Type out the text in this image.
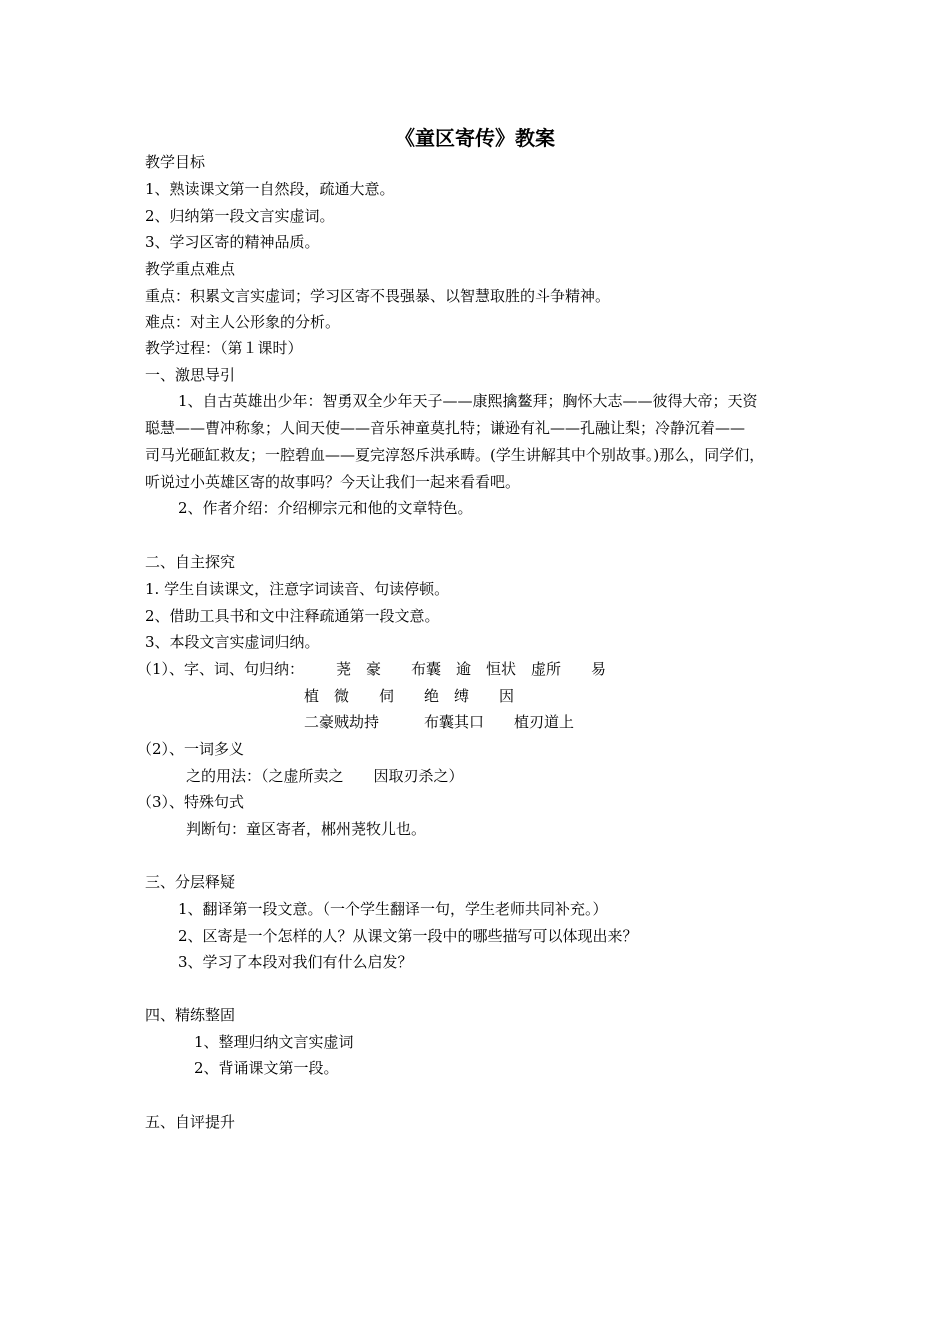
《童区寄传》教案
教学目标
1、熟读课文第一自然段，疏通大意。
2、归纳第一段文言实虚词。
3、学习区寄的精神品质。
教学重点难点
重点：积累文言实虚词；学习区寄不畏强暴、以智慧取胜的斗争精神。
难点：对主人公形象的分析。
教学过程：（第１课时）
一、激思导引
1、自古英雄出少年：智勇双全少年天子——康熙擒鳌拜；胸怀大志——彼得大帝；天资
聪慧——曹冲称象；人间天使——音乐神童莫扎特；谦逊有礼——孔融让梨；冷静沉着——
司马光砸缸救友；一腔碧血——夏完淳怒斥洪承畴。(学生讲解其中个别故事。)那么，同学们，
听说过小英雄区寄的故事吗？今天让我们一起来看看吧。
2、作者介绍：介绍柳宗元和他的文章特色。
二、自主探究
1. 学生自读课文，注意字词读音、句读停顿。
2、借助工具书和文中注释疏通第一段文意。
3、本段文言实虚词归纳。
（1）、字、词、句归纳： 荛　豪　　布囊　逾　恒状　虚所　　易
植　微　　伺　　绝　缚　　因
二豪贼劫持　　　布囊其口　　植刃道上
（2）、一词多义
之的用法：（之虚所卖之　　因取刃杀之）
（3）、特殊句式
判断句：童区寄者，郴州荛牧儿也。
三、分层释疑
1、翻译第一段文意。（一个学生翻译一句，学生老师共同补充。）
2、区寄是一个怎样的人？从课文第一段中的哪些描写可以体现出来？
3、学习了本段对我们有什么启发？
四、精练整固
1、整理归纳文言实虚词
2、背诵课文第一段。
五、自评提升
